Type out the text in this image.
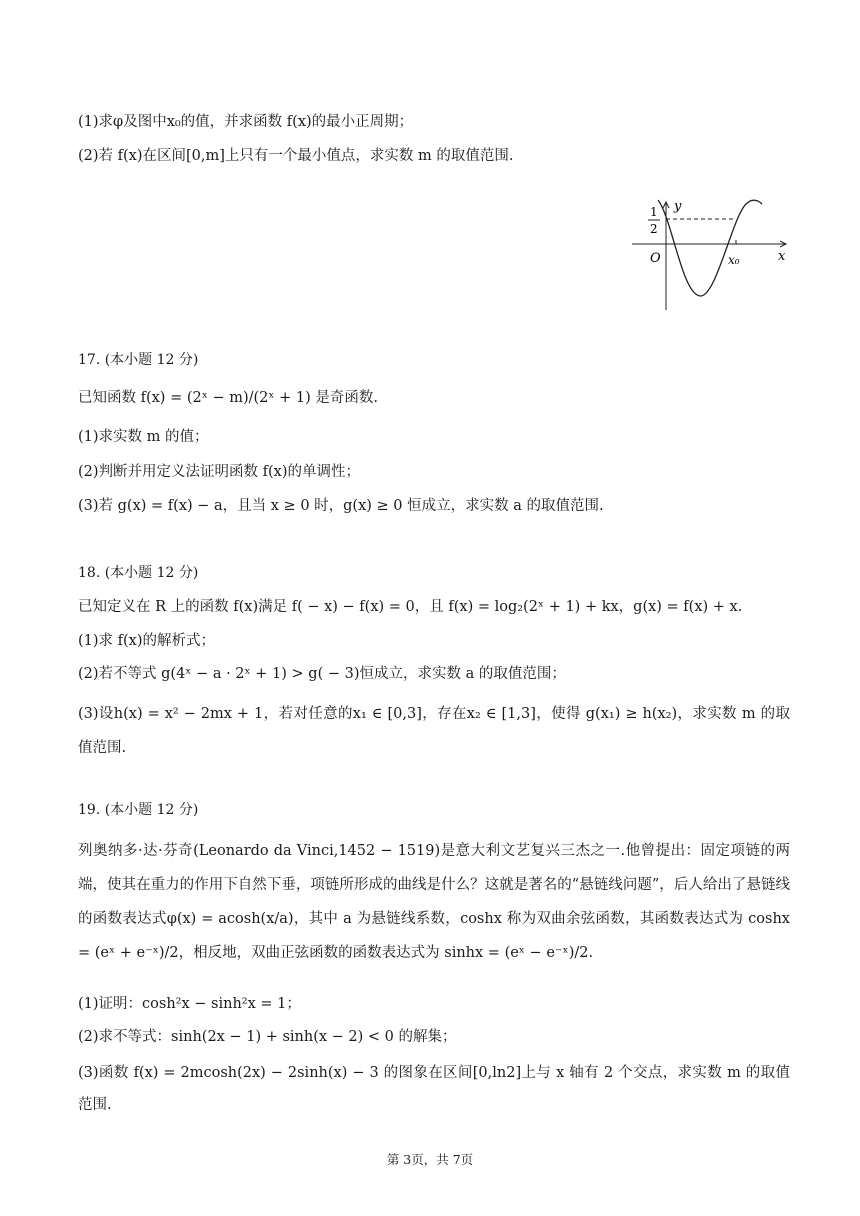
(1)求φ及图中x₀的值，并求函数 f(x)的最小正周期；
(2)若 f(x)在区间[0,m]上只有一个最小值点，求实数 m 的取值范围.
y
x
O
1
2
x₀
17. (本小题 12 分)
已知函数 f(x) = (2ˣ − m)/(2ˣ + 1) 是奇函数.
(1)求实数 m 的值；
(2)判断并用定义法证明函数 f(x)的单调性；
(3)若 g(x) = f(x) − a，且当 x ≥ 0 时，g(x) ≥ 0 恒成立，求实数 a 的取值范围.
18. (本小题 12 分)
已知定义在 R 上的函数 f(x)满足 f( − x) − f(x) = 0，且 f(x) = log₂(2ˣ + 1) + kx，g(x) = f(x) + x.
(1)求 f(x)的解析式；
(2)若不等式 g(4ˣ − a · 2ˣ + 1) > g( − 3)恒成立，求实数 a 的取值范围；
(3)设h(x) = x² − 2mx + 1，若对任意的x₁ ∈ [0,3]，存在x₂ ∈ [1,3]，使得 g(x₁) ≥ h(x₂)，求实数 m 的取值范围.
19. (本小题 12 分)
列奥纳多·达·芬奇(Leonardo da Vinci,1452 − 1519)是意大利文艺复兴三杰之一.他曾提出：固定项链的两端，使其在重力的作用下自然下垂，项链所形成的曲线是什么？这就是著名的“悬链线问题”，后人给出了悬链线的函数表达式φ(x) = acosh(x/a)，其中 a 为悬链线系数，coshx 称为双曲余弦函数，其函数表达式为 coshx = (eˣ + e⁻ˣ)/2，相反地，双曲正弦函数的函数表达式为 sinhx = (eˣ − e⁻ˣ)/2.
(1)证明：cosh²x − sinh²x = 1；
(2)求不等式：sinh(2x − 1) + sinh(x − 2) < 0 的解集；
(3)函数 f(x) = 2mcosh(2x) − 2sinh(x) − 3 的图象在区间[0,ln2]上与 x 轴有 2 个交点，求实数 m 的取值范围.
第 3页，共 7页
